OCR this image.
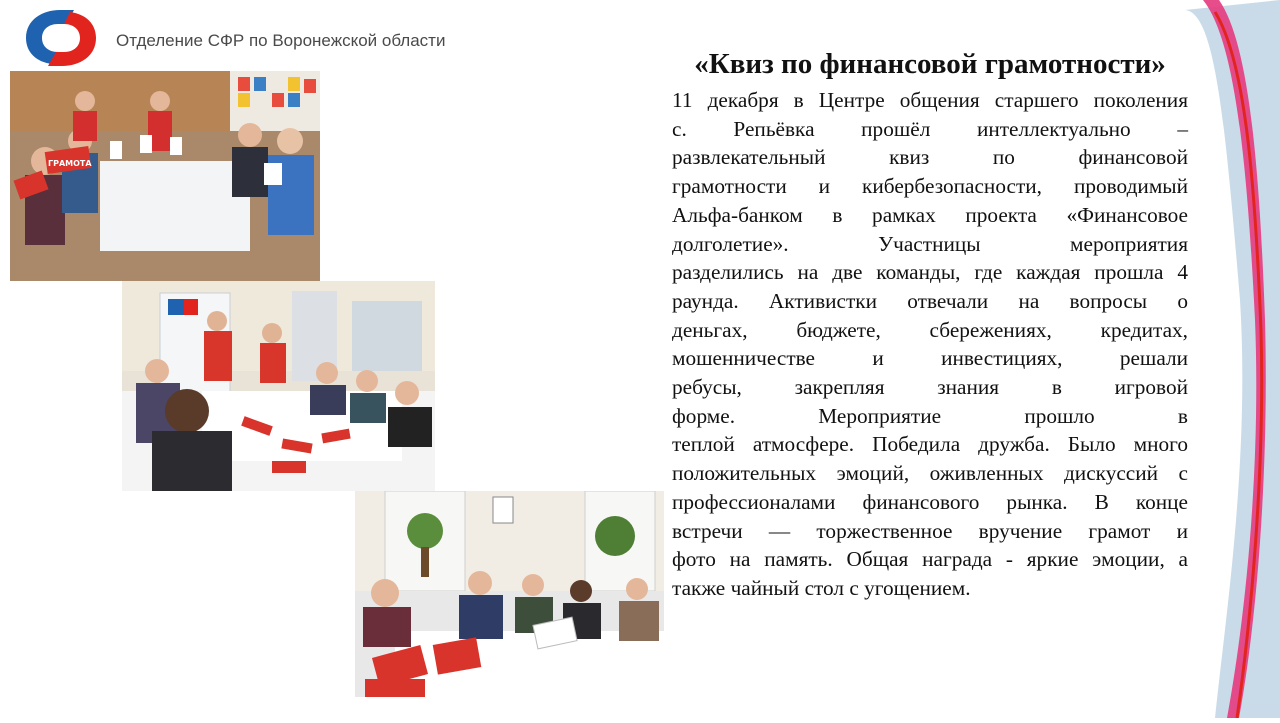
Отделение СФР по Воронежской области
ГРАМОТА
«Квиз по финансовой грамотности»
11 декабря в Центре общения старшего поколения
с. Репьёвка прошёл интеллектуально –
развлекательный квиз по финансовой
грамотности и кибербезопасности, проводимый
Альфа-банком в рамках проекта «Финансовое
долголетие». Участницы мероприятия
разделились на две команды, где каждая прошла 4
раунда. Активистки отвечали на вопросы о
деньгах, бюджете, сбережениях, кредитах,
мошенничестве и инвестициях, решали
ребусы, закрепляя знания в игровой
форме. Мероприятие прошло в
теплой атмосфере. Победила дружба. Было много
положительных эмоций, оживленных дискуссий с
профессионалами финансового рынка. В конце
встречи — торжественное вручение грамот и
фото на память. Общая награда - яркие эмоции, а
также чайный стол с угощением.
